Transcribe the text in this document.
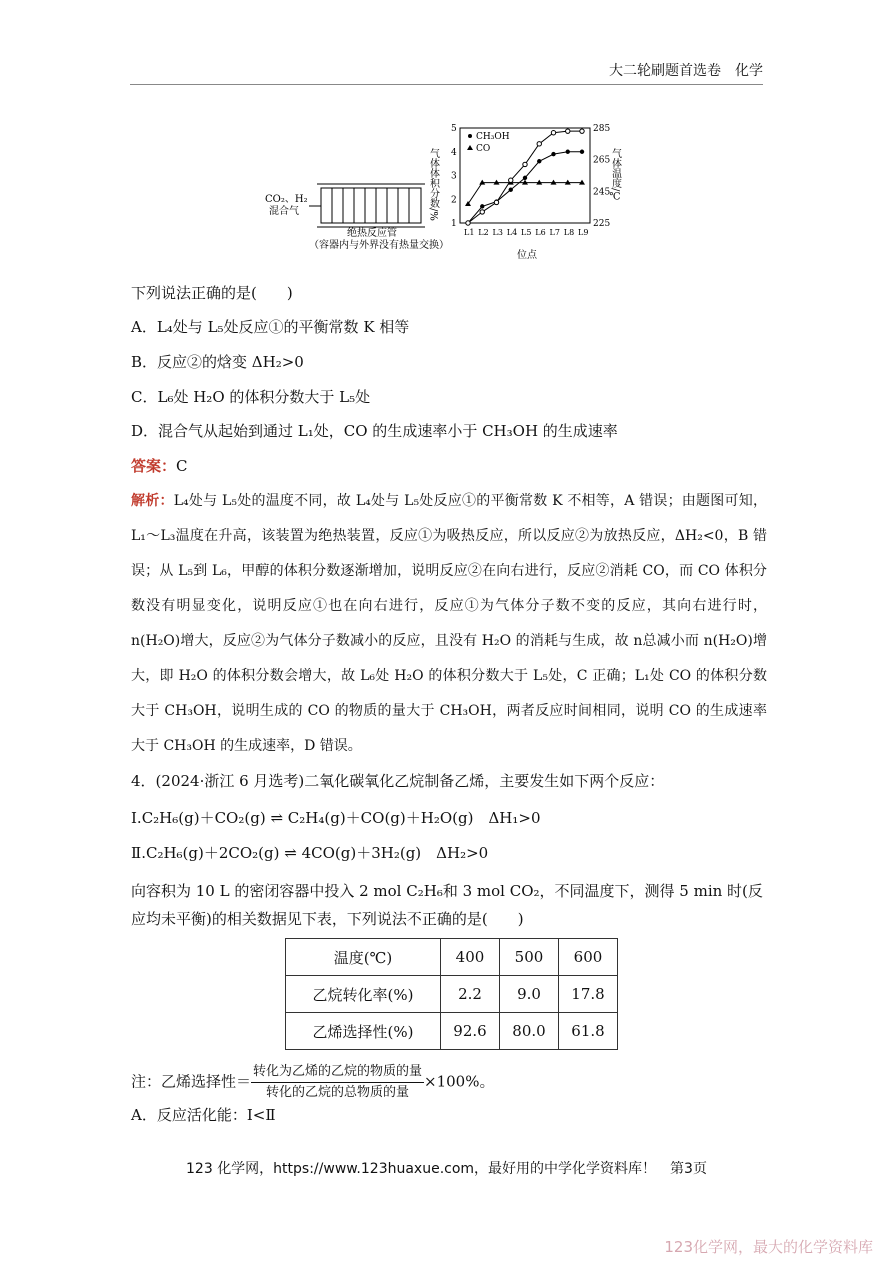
大二轮刷题首选卷　化学
CO₂、H₂
混合气
绝热反应管
（容器内与外界没有热量交换）
气体体积分数/%	气体温度/℃
L1 L2 L3 L4 L5 L6 L7 L8 L9
1
2
3
4
5
225
245
265
285
CH₃OH
CO
位点
下列说法正确的是(　　)
A．L₄处与 L₅处反应①的平衡常数 K 相等
B．反应②的焓变 ΔH₂>0
C．L₆处 H₂O 的体积分数大于 L₅处
D．混合气从起始到通过 L₁处，CO 的生成速率小于 CH₃OH 的生成速率
答案：C
解析：L₄处与 L₅处的温度不同，故 L₄处与 L₅处反应①的平衡常数 K 不相等，A 错误；由题图可知，L₁～L₃温度在升高，该装置为绝热装置，反应①为吸热反应，所以反应②为放热反应，ΔH₂<0，B 错误；从 L₅到 L₆，甲醇的体积分数逐渐增加，说明反应②在向右进行，反应②消耗 CO，而 CO 体积分数没有明显变化，说明反应①也在向右进行，反应①为气体分子数不变的反应，其向右进行时，n(H₂O)增大，反应②为气体分子数减小的反应，且没有 H₂O 的消耗与生成，故 n总减小而 n(H₂O)增大，即 H₂O 的体积分数会增大，故 L₆处 H₂O 的体积分数大于 L₅处，C 正确；L₁处 CO 的体积分数大于 CH₃OH，说明生成的 CO 的物质的量大于 CH₃OH，两者反应时间相同，说明 CO 的生成速率大于 CH₃OH 的生成速率，D 错误。
4．(2024·浙江 6 月选考)二氧化碳氧化乙烷制备乙烯，主要发生如下两个反应：
Ⅰ.C₂H₆(g)＋CO₂(g) ⇌ C₂H₄(g)＋CO(g)＋H₂O(g)　ΔH₁>0
Ⅱ.C₂H₆(g)＋2CO₂(g) ⇌ 4CO(g)＋3H₂(g)　ΔH₂>0
向容积为 10 L 的密闭容器中投入 2 mol C₂H₆和 3 mol CO₂，不同温度下，测得 5 min 时(反应均未平衡)的相关数据见下表，下列说法不正确的是(　　)
温度(℃)	400	500	600
乙烷转化率(%)	2.2	9.0	17.8
乙烯选择性(%)	92.6	80.0	61.8
注：乙烯选择性＝ $\frac{\text{转化为乙烯的乙烷的物质的量}}{\text{转化的乙烷的总物质的量}} \times 100\%$。
A．反应活化能：Ⅰ<Ⅱ
123 化学网，https://www.123huaxue.com，最好用的中学化学资料库！　第3页
123化学网，最大的化学资料库
